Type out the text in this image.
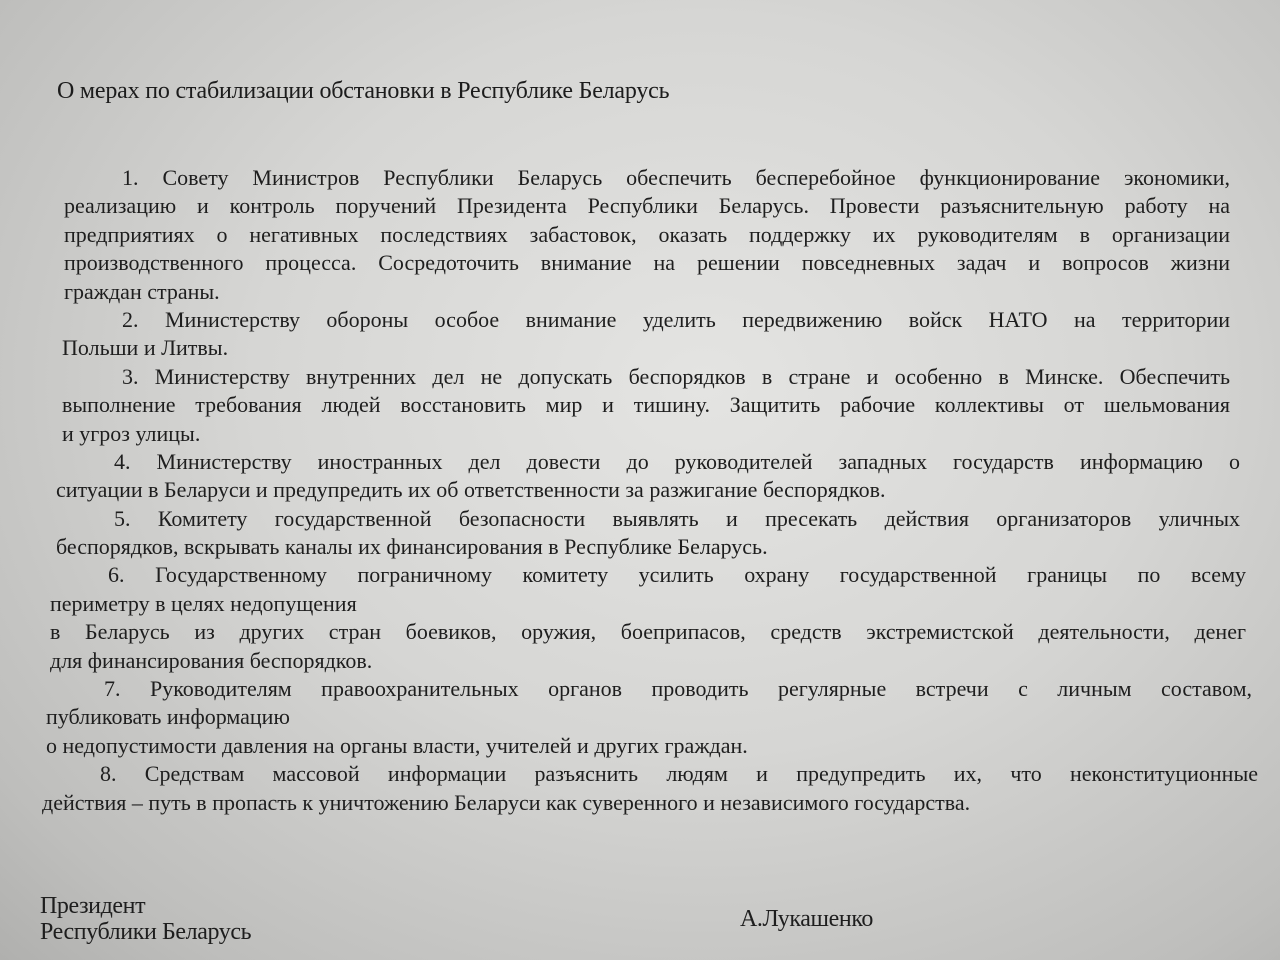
О мерах по стабилизации обстановки в Республике Беларусь
1. Совету Министров Республики Беларусь обеспечить бесперебойное функционирование экономики,
реализацию и контроль поручений Президента Республики Беларусь. Провести разъяснительную работу на
предприятиях о негативных последствиях забастовок, оказать поддержку их руководителям в организации
производственного процесса. Сосредоточить внимание на решении повседневных задач и вопросов жизни
граждан страны.
2. Министерству обороны особое внимание уделить передвижению войск НАТО на территории
Польши и Литвы.
3. Министерству внутренних дел не допускать беспорядков в стране и особенно в Минске. Обеспечить
выполнение требования людей восстановить мир и тишину. Защитить рабочие коллективы от шельмования
и угроз улицы.
4. Министерству иностранных дел довести до руководителей западных государств информацию о
ситуации в Беларуси и предупредить их об ответственности за разжигание беспорядков.
5. Комитету государственной безопасности выявлять и пресекать действия организаторов уличных
беспорядков, вскрывать каналы их финансирования в Республике Беларусь.
6. Государственному пограничному комитету усилить охрану государственной границы по всему
периметру в целях недопущения
в Беларусь из других стран боевиков, оружия, боеприпасов, средств экстремистской деятельности, денег
для финансирования беспорядков.
7. Руководителям правоохранительных органов проводить регулярные встречи с личным составом,
публиковать информацию
о недопустимости давления на органы власти, учителей и других граждан.
8. Средствам массовой информации разъяснить людям и предупредить их, что неконституционные
действия – путь в пропасть к уничтожению Беларуси как суверенного и независимого государства.
Президент
Республики Беларусь	А.Лукашенко
